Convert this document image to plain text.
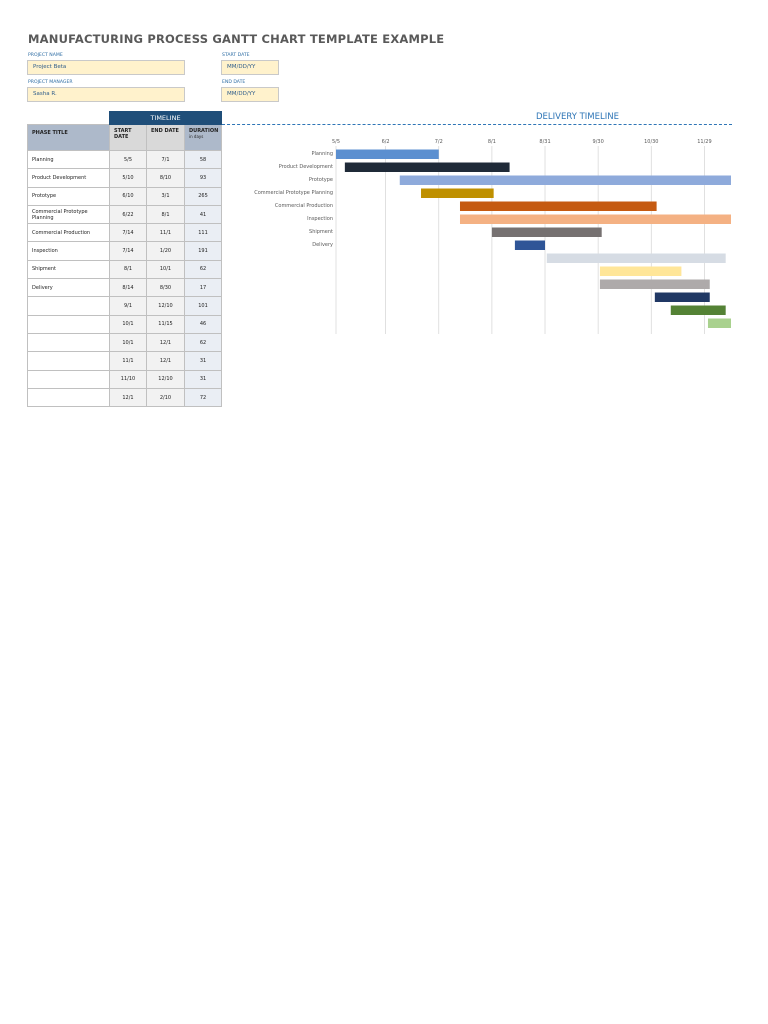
MANUFACTURING PROCESS GANTT CHART TEMPLATE EXAMPLE
PROJECT NAME
Project Beta
PROJECT MANAGER
Sasha R.
START DATE
MM/DD/YY
END DATE
MM/DD/YY
	TIMELINE		
PHASE TITLE	START DATE	END DATE	DURATION
in days

Planning	5/5	7/1	58
Product Development	5/10	8/10	93
Prototype	6/10	3/1	265
Commercial Prototype Planning	6/22	8/1	41
Commercial Production	7/14	11/1	111
Inspection	7/14	1/20	191
Shipment	8/1	10/1	62
Delivery	8/14	8/30	17
	9/1	12/10	101
	10/1	11/15	46
	10/1	12/1	62
	11/1	12/1	31
	11/10	12/10	31
	12/1	2/10	72
DELIVERY TIMELINE
5/5	6/2	7/2	8/1	8/31	9/30	10/30	11/29
Planning
Product Development
Prototype
Commercial Prototype Planning
Commercial Production
Inspection
Shipment
Delivery
